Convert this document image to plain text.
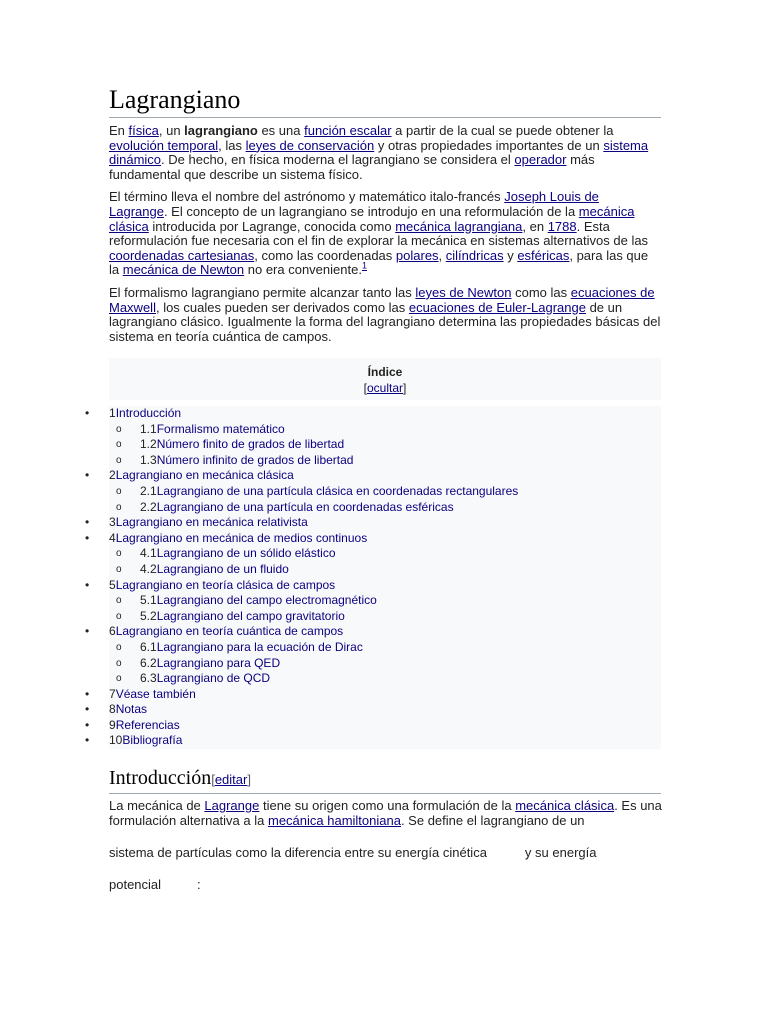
Lagrangiano

En física, un lagrangiano es una función escalar a partir de la cual se puede obtener la evolución temporal, las leyes de conservación y otras propiedades importantes de un sistema dinámico. De hecho, en física moderna el lagrangiano se considera el operador más fundamental que describe un sistema físico.

El término lleva el nombre del astrónomo y matemático italo-francés Joseph Louis de Lagrange. El concepto de un lagrangiano se introdujo en una reformulación de la mecánica clásica introducida por Lagrange, conocida como mecánica lagrangiana, en 1788. Esta reformulación fue necesaria con el fin de explorar la mecánica en sistemas alternativos de las coordenadas cartesianas, como las coordenadas polares, cilíndricas y esféricas, para las que la mecánica de Newton no era conveniente.$^1$

El formalismo lagrangiano permite alcanzar tanto las leyes de Newton como las ecuaciones de Maxwell, los cuales pueden ser derivados como las ecuaciones de Euler-Lagrange de un lagrangiano clásico. Igualmente la forma del lagrangiano determina las propiedades básicas del sistema en teoría cuántica de campos.

Índice
[ocultar]
• 1Introducción
o 1.1Formalismo matemático
o 1.2Número finito de grados de libertad
o 1.3Número infinito de grados de libertad
• 2Lagrangiano en mecánica clásica
o 2.1Lagrangiano de una partícula clásica en coordenadas rectangulares
o 2.2Lagrangiano de una partícula en coordenadas esféricas
• 3Lagrangiano en mecánica relativista
• 4Lagrangiano en mecánica de medios continuos
o 4.1Lagrangiano de un sólido elástico
o 4.2Lagrangiano de un fluido
• 5Lagrangiano en teoría clásica de campos
o 5.1Lagrangiano del campo electromagnético
o 5.2Lagrangiano del campo gravitatorio
• 6Lagrangiano en teoría cuántica de campos
o 6.1Lagrangiano para la ecuación de Dirac
o 6.2Lagrangiano para QED
o 6.3Lagrangiano de QCD
• 7Véase también
• 8Notas
• 9Referencias
• 10Bibliografía
Introducción[editar]
La mecánica de Lagrange tiene su origen como una formulación de la mecánica clásica. Es una formulación alternativa a la mecánica hamiltoniana. Se define el lagrangiano de un
sistema de partículas como la diferencia entre su energía cinética	y su energía
potencial	:
